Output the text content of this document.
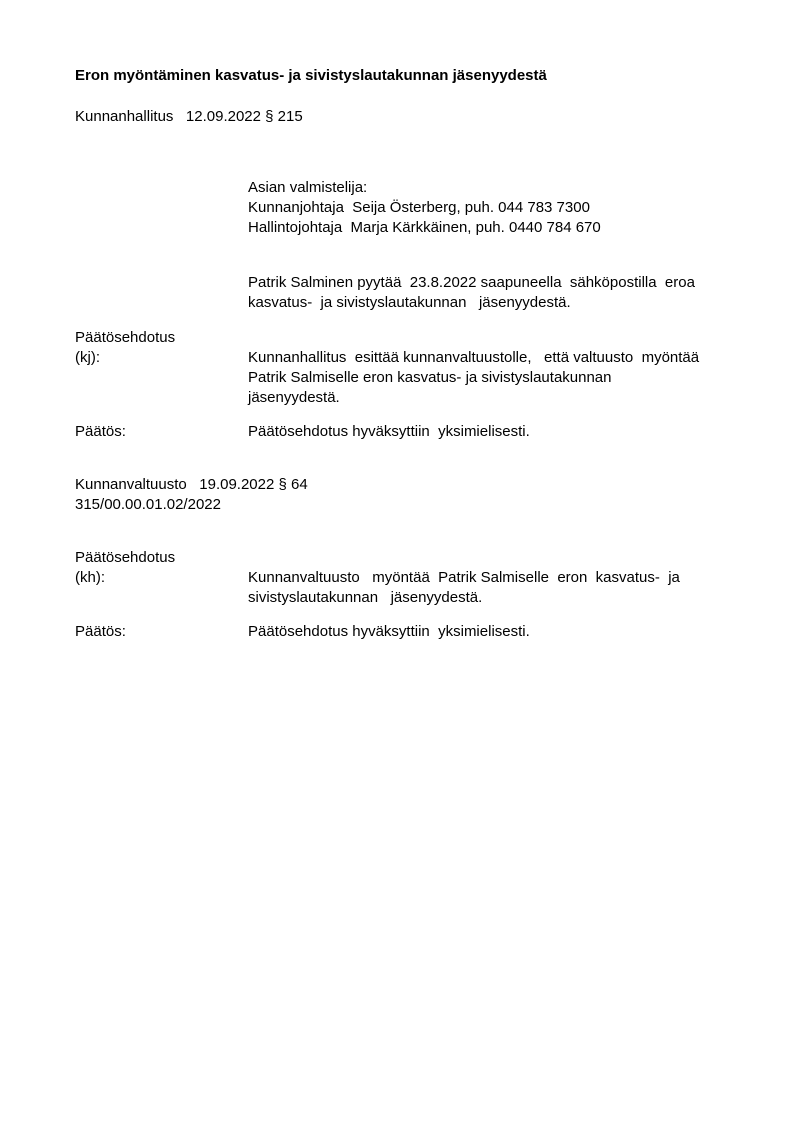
Eron myöntäminen kasvatus- ja sivistyslautakunnan jäsenyydestä
Kunnanhallitus   12.09.2022 § 215
Asian valmistelija:
Kunnanjohtaja  Seija Österberg, puh. 044 783 7300
Hallintojohtaja  Marja Kärkkäinen, puh. 0440 784 670
Patrik Salminen pyytää  23.8.2022 saapuneella  sähköpostilla  eroa
kasvatus-  ja sivistyslautakunnan   jäsenyydestä.
Päätösehdotus
(kj):	Kunnanhallitus  esittää kunnanvaltuustolle,   että valtuusto  myöntää
Patrik Salmiselle eron kasvatus- ja sivistyslautakunnan
jäsenyydestä.
Päätös:	Päätösehdotus hyväksyttiin  yksimielisesti.
Kunnanvaltuusto   19.09.2022 § 64
315/00.00.01.02/2022
Päätösehdotus
(kh):	Kunnanvaltuusto   myöntää  Patrik Salmiselle  eron  kasvatus-  ja
sivistyslautakunnan   jäsenyydestä.
Päätös:	Päätösehdotus hyväksyttiin  yksimielisesti.
